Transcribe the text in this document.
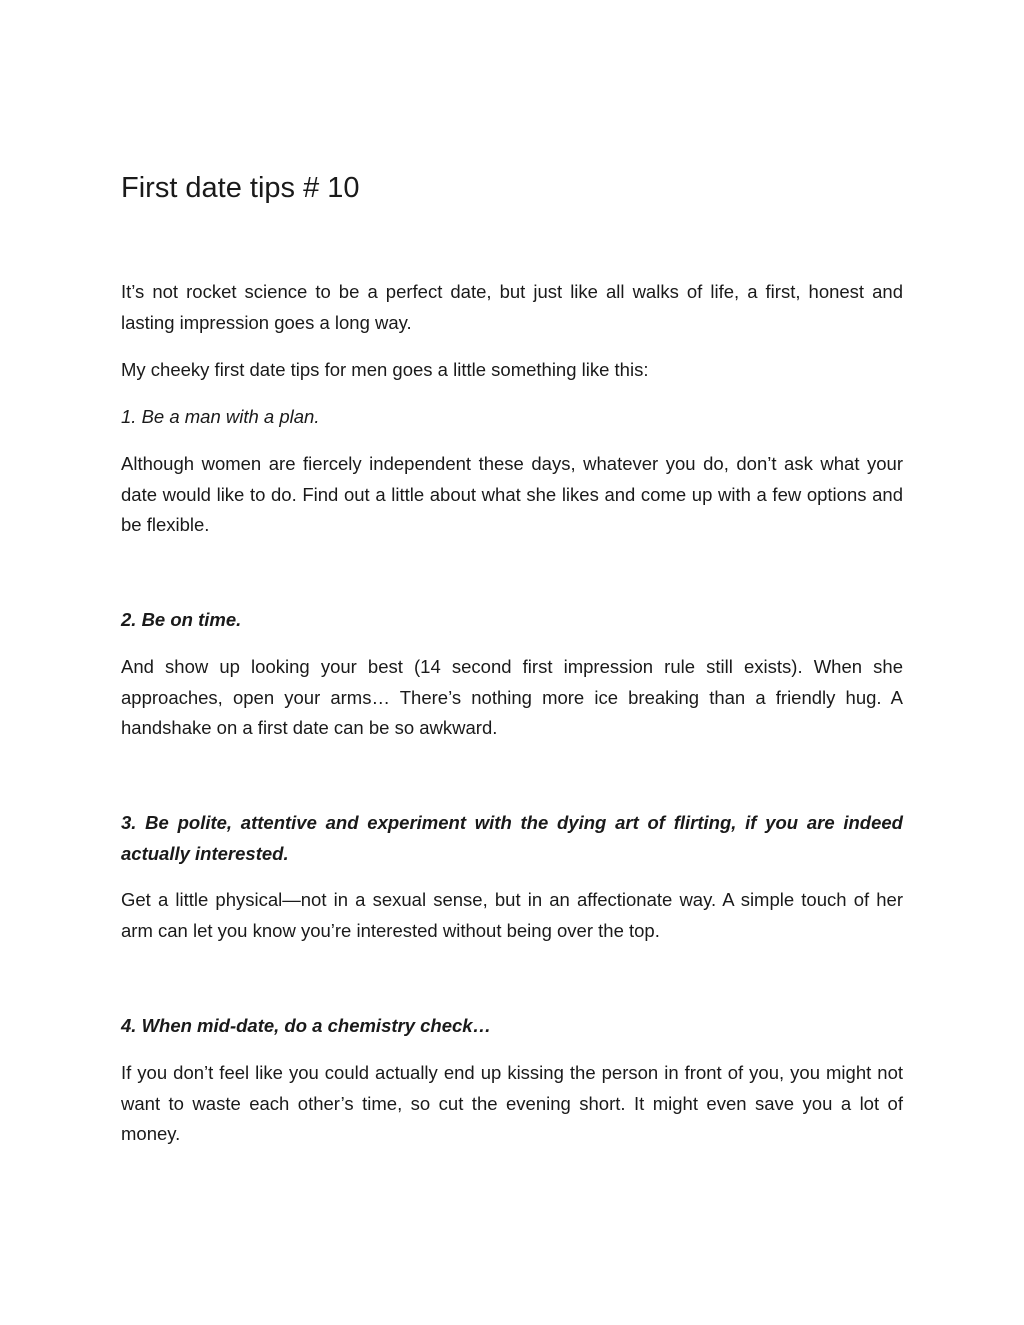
First date tips # 10

It’s not rocket science to be a perfect date, but just like all walks of life, a first, honest and lasting impression goes a long way.

My cheeky first date tips for men goes a little something like this:

1. Be a man with a plan.

Although women are fiercely independent these days, whatever you do, don’t ask what your date would like to do. Find out a little about what she likes and come up with a few options and be flexible.

2. Be on time.

And show up looking your best (14 second first impression rule still exists). When she approaches, open your arms… There’s nothing more ice breaking than a friendly hug. A handshake on a first date can be so awkward.

3. Be polite, attentive and experiment with the dying art of flirting, if you are indeed actually interested.

Get a little physical—not in a sexual sense, but in an affectionate way. A simple touch of her arm can let you know you’re interested without being over the top.

4. When mid-date, do a chemistry check…

If you don’t feel like you could actually end up kissing the person in front of you, you might not want to waste each other’s time, so cut the evening short. It might even save you a lot of money.
